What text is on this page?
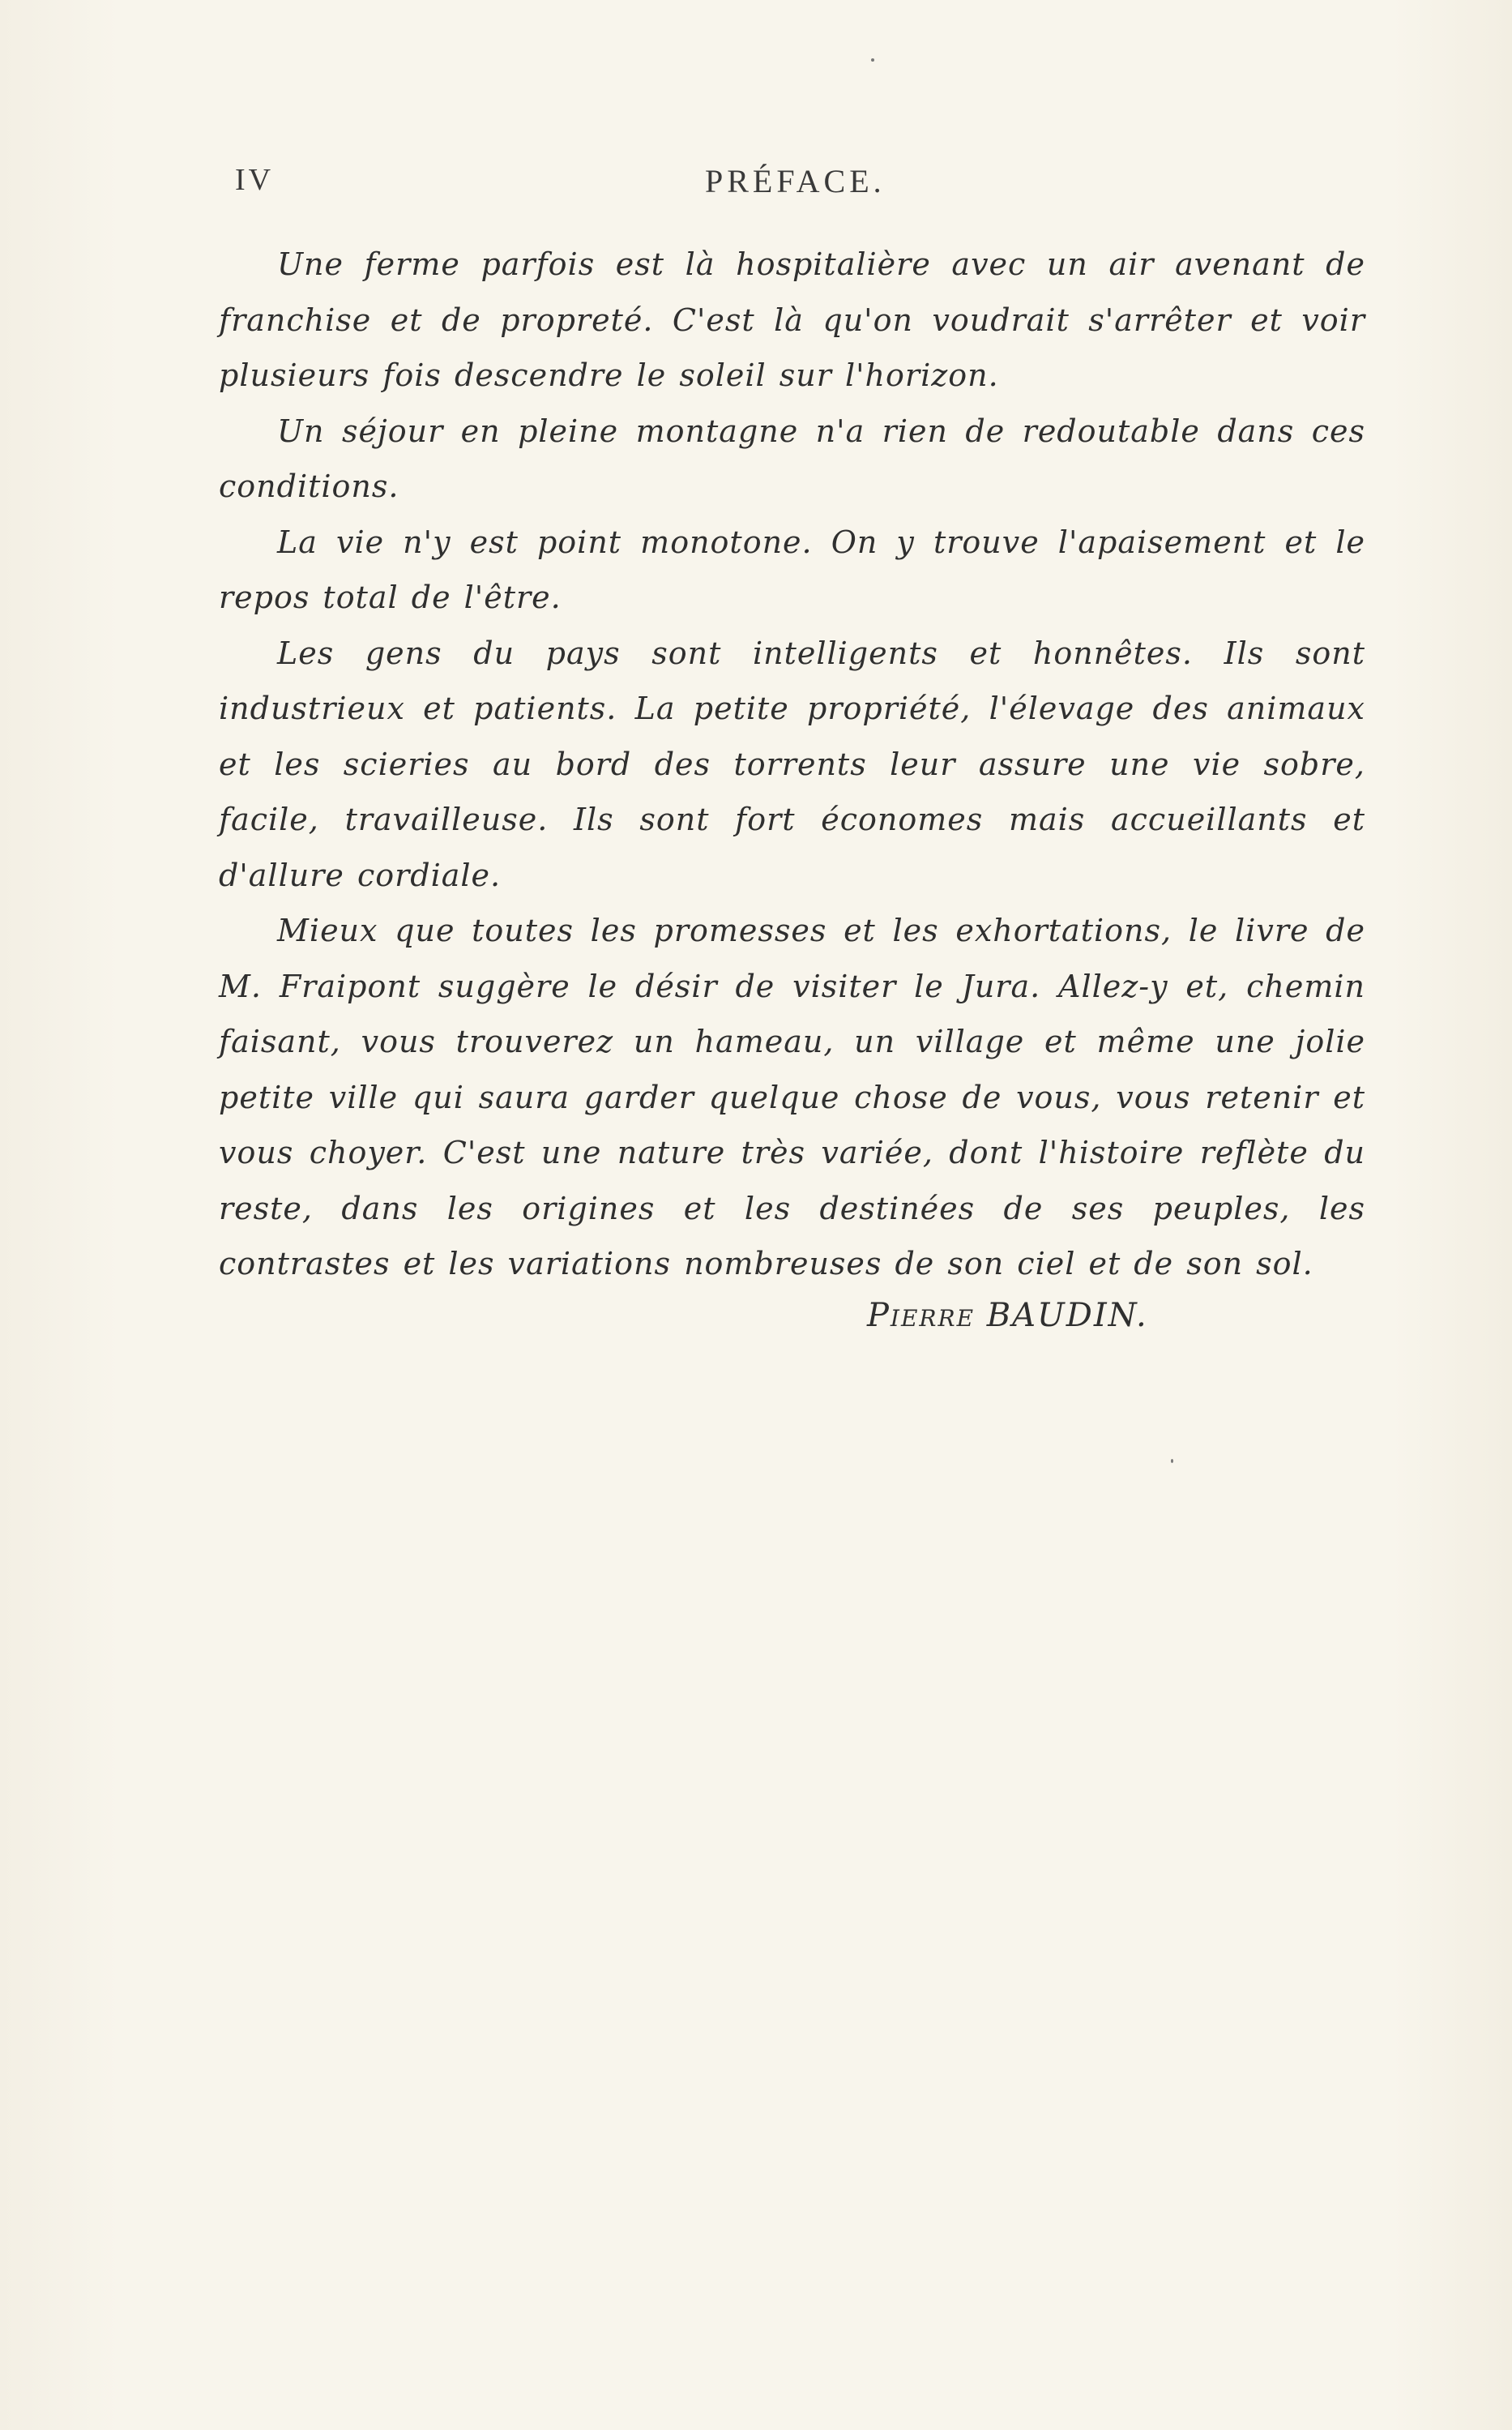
IV	PRÉFACE.

Une ferme parfois est là hospitalière avec un air avenant de franchise et de propreté. C'est là qu'on voudrait s'arrêter et voir plusieurs fois descendre le soleil sur l'horizon.

Un séjour en pleine montagne n'a rien de redoutable dans ces conditions.

La vie n'y est point monotone. On y trouve l'apaisement et le repos total de l'être.

Les gens du pays sont intelligents et honnêtes. Ils sont industrieux et patients. La petite propriété, l'élevage des animaux et les scieries au bord des torrents leur assure une vie sobre, facile, travailleuse. Ils sont fort économes mais accueillants et d'allure cordiale.

Mieux que toutes les promesses et les exhortations, le livre de M. Fraipont suggère le désir de visiter le Jura. Allez-y et, chemin faisant, vous trouverez un hameau, un village et même une jolie petite ville qui saura garder quelque chose de vous, vous retenir et vous choyer. C'est une nature très variée, dont l'histoire reflète du reste, dans les origines et les destinées de ses peuples, les contrastes et les variations nombreuses de son ciel et de son sol.

Pierre BAUDIN.
